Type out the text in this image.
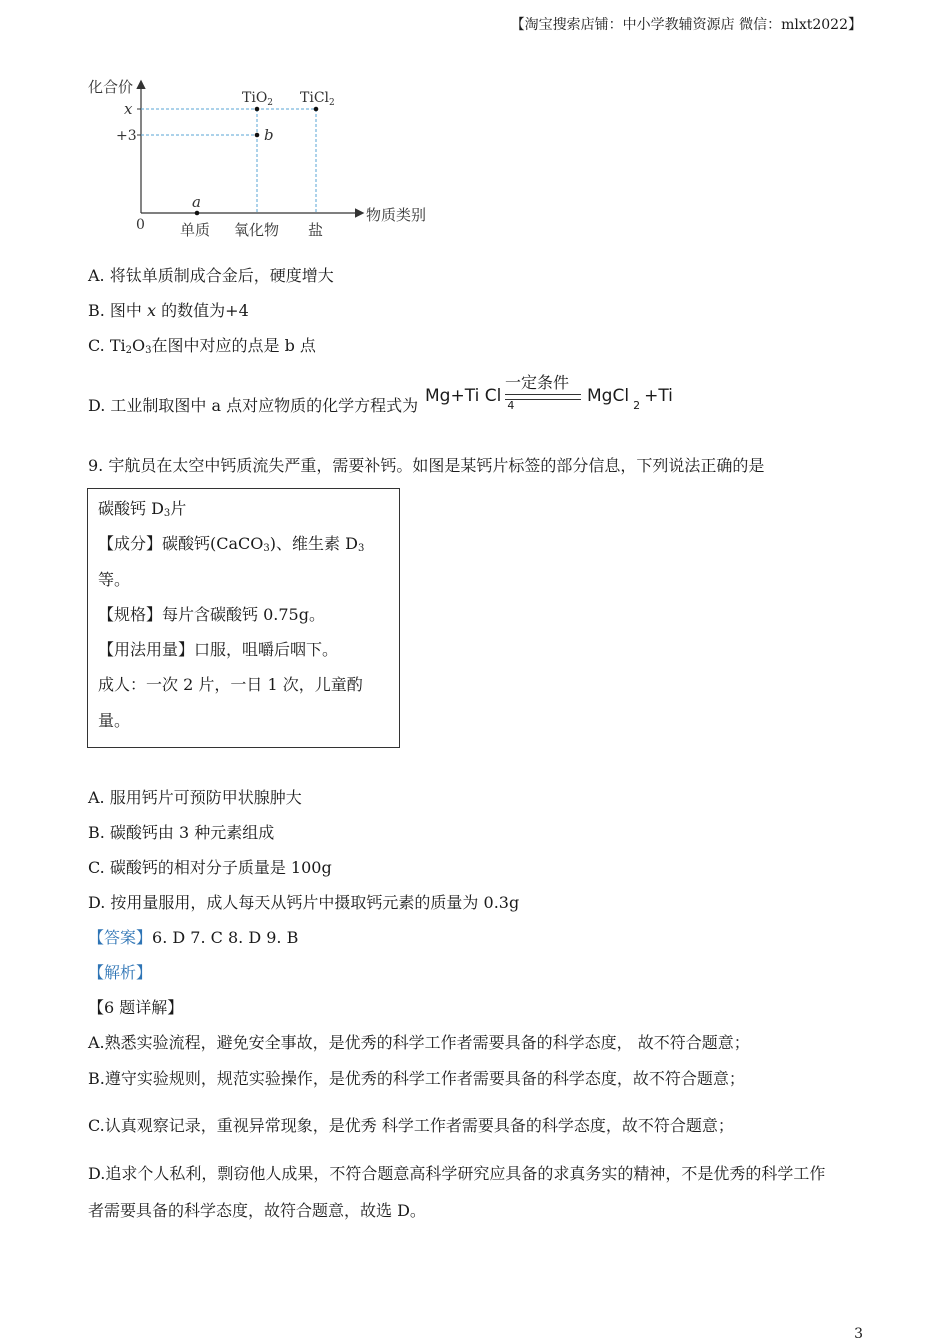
【淘宝搜索店铺：中小学教辅资源店 微信：mlxt2022】
化合价
物质类别
0
x
+3
单质 氧化物 盐
a
b
TiO$_2$ TiCl$_2$
A. 将钛单质制成合金后，硬度增大
B. 图中 x 的数值为+4
C. $Ti_2O_3$在图中对应的点是 b 点
D. 工业制取图中 a 点对应物质的化学方程式为 Mg+Ti Cl $_4$
一定条件
MgCl $_2$ +Ti
9. 宇航员在太空中钙质流失严重，需要补钙。如图是某钙片标签的部分信息，下列说法正确的是
碳酸钙 $D_3$片
【成分】碳酸钙(CaCO$_3$)、维生素 $D_3$
等。
【规格】每片含碳酸钙 0.75g。
【用法用量】口服，咀嚼后咽下。
成人：一次 2 片，一日 1 次，儿童酌
量。
A. 服用钙片可预防甲状腺肿大
B. 碳酸钙由 3 种元素组成
C. 碳酸钙的相对分子质量是 100g
D. 按用量服用，成人每天从钙片中摄取钙元素的质量为 0.3g
【答案】6. D 7. C 8. D 9. B
【解析】
【6 题详解】
A.熟悉实验流程，避免安全事故，是优秀的科学工作者需要具备的科学态度， 故不符合题意；
B.遵守实验规则，规范实验操作，是优秀的科学工作者需要具备的科学态度，故不符合题意；
C.认真观察记录，重视异常现象，是优秀 科学工作者需要具备的科学态度，故不符合题意；
D.追求个人私利，剽窃他人成果，不符合题意高科学研究应具备的求真务实的精神，不是优秀的科学工作
者需要具备的科学态度，故符合题意，故选 D。
3
